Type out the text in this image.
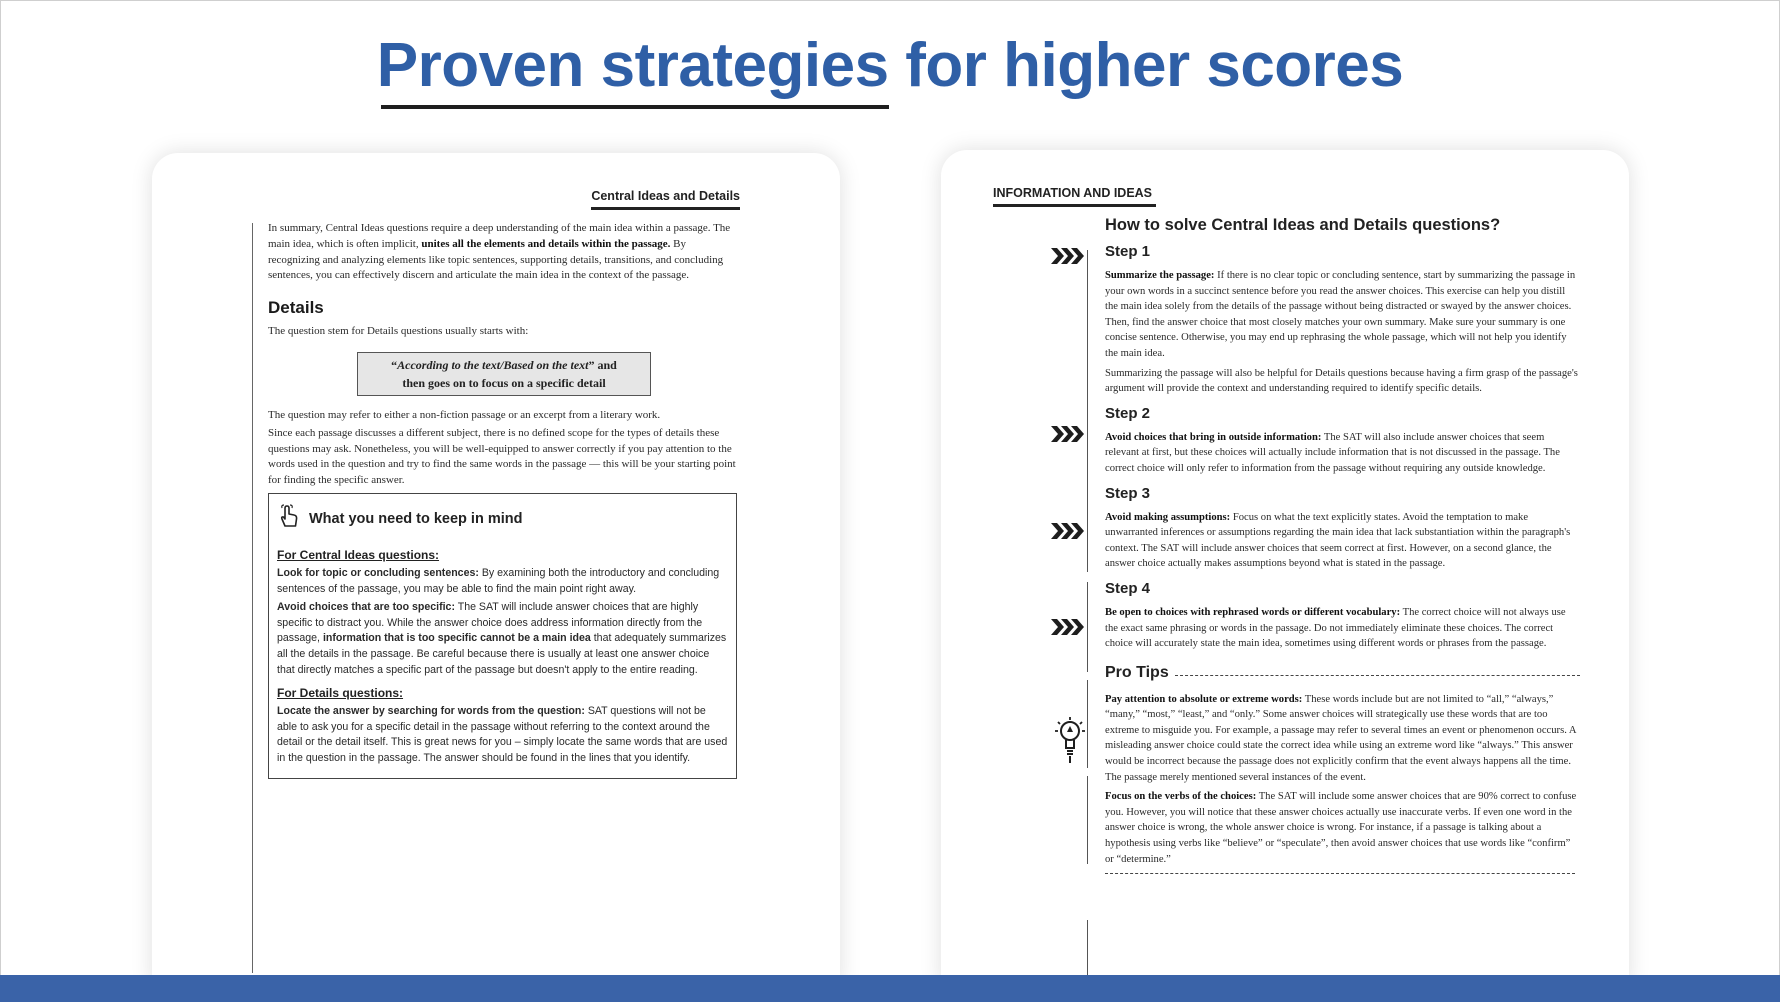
Proven strategies for higher scores
Central Ideas and Details

In summary, Central Ideas questions require a deep understanding of the main idea within a passage. The main idea, which is often implicit, unites all the elements and details within the passage. By recognizing and analyzing elements like topic sentences, supporting details, transitions, and concluding sentences, you can effectively discern and articulate the main idea in the context of the passage.

Details

The question stem for Details questions usually starts with:

“According to the text/Based on the text” and
then goes on to focus on a specific detail

The question may refer to either a non-fiction passage or an excerpt from a literary work.

Since each passage discusses a different subject, there is no defined scope for the types of details these questions may ask. Nonetheless, you will be well-equipped to answer correctly if you pay attention to the words used in the question and try to find the same words in the passage — this will be your starting point for finding the specific answer.

What you need to keep in mind
For Central Ideas questions:

Look for topic or concluding sentences: By examining both the introductory and concluding sentences of the passage, you may be able to find the main point right away.

Avoid choices that are too specific: The SAT will include answer choices that are highly specific to distract you. While the answer choice does address information directly from the passage, information that is too specific cannot be a main idea that adequately summarizes all the details in the passage. Be careful because there is usually at least one answer choice that directly matches a specific part of the passage but doesn't apply to the entire reading.

For Details questions:

Locate the answer by searching for words from the question: SAT questions will not be able to ask you for a specific detail in the passage without referring to the context around the detail or the detail itself. This is great news for you – simply locate the same words that are used in the question in the passage. The answer should be found in the lines that you identify.

INFORMATION AND IDEAS
How to solve Central Ideas and Details questions?
Step 1

Summarize the passage: If there is no clear topic or concluding sentence, start by summarizing the passage in your own words in a succinct sentence before you read the answer choices. This exercise can help you distill the main idea solely from the details of the passage without being distracted or swayed by the answer choices. Then, find the answer choice that most closely matches your own summary. Make sure your summary is one concise sentence. Otherwise, you may end up rephrasing the whole passage, which will not help you identify the main idea.

Summarizing the passage will also be helpful for Details questions because having a firm grasp of the passage's argument will provide the context and understanding required to identify specific details.

Step 2

Avoid choices that bring in outside information: The SAT will also include answer choices that seem relevant at first, but these choices will actually include information that is not discussed in the passage. The correct choice will only refer to information from the passage without requiring any outside knowledge.

Step 3

Avoid making assumptions: Focus on what the text explicitly states. Avoid the temptation to make unwarranted inferences or assumptions regarding the main idea that lack substantiation within the paragraph's context. The SAT will include answer choices that seem correct at first. However, on a second glance, the answer choice actually makes assumptions beyond what is stated in the passage.

Step 4

Be open to choices with rephrased words or different vocabulary: The correct choice will not always use the exact same phrasing or words in the passage. Do not immediately eliminate these choices. The correct choice will accurately state the main idea, sometimes using different words or phrases from the passage.

Pro Tips

Pay attention to absolute or extreme words: These words include but are not limited to “all,” “always,” “many,” “most,” “least,” and “only.” Some answer choices will strategically use these words that are too extreme to misguide you. For example, a passage may refer to several times an event or phenomenon occurs. A misleading answer choice could state the correct idea while using an extreme word like “always.” This answer would be incorrect because the passage does not explicitly confirm that the event always happens all the time. The passage merely mentioned several instances of the event.

Focus on the verbs of the choices: The SAT will include some answer choices that are 90% correct to confuse you. However, you will notice that these answer choices actually use inaccurate verbs. If even one word in the answer choice is wrong, the whole answer choice is wrong. For instance, if a passage is talking about a hypothesis using verbs like “believe” or “speculate”, then avoid answer choices that use words like “confirm” or “determine.”
